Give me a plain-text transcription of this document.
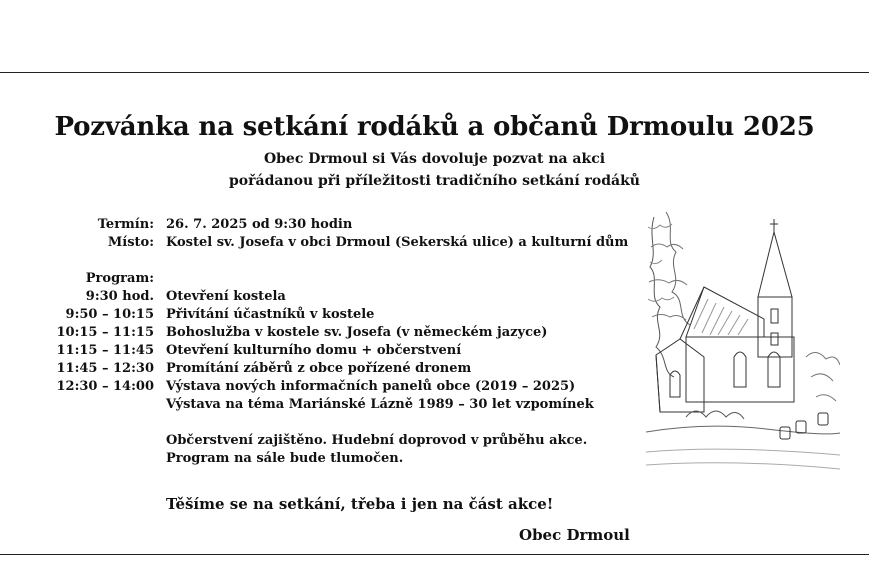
Pozvánka na setkání rodáků a občanů Drmoulu 2025
Obec Drmoul si Vás dovoluje pozvat na akci
pořádanou při příležitosti tradičního setkání rodáků
Termín: 26. 7. 2025 od 9:30 hodin
Místo: Kostel sv. Josefa v obci Drmoul (Sekerská ulice) a kulturní dům
Program:
9:30 hod. Otevření kostela
9:50 – 10:15 Přivítání účastníků v kostele
10:15 – 11:15 Bohoslužba v kostele sv. Josefa (v německém jazyce)
11:15 – 11:45 Otevření kulturního domu + občerstvení
11:45 – 12:30 Promítání záběrů z obce pořízené dronem
12:30 – 14:00 Výstava nových informačních panelů obce (2019 – 2025)
Výstava na téma Mariánské Lázně 1989 – 30 let vzpomínek
Občerstvení zajištěno. Hudební doprovod v průběhu akce.
Program na sále bude tlumočen.
Těšíme se na setkání, třeba i jen na část akce!
Obec Drmoul
